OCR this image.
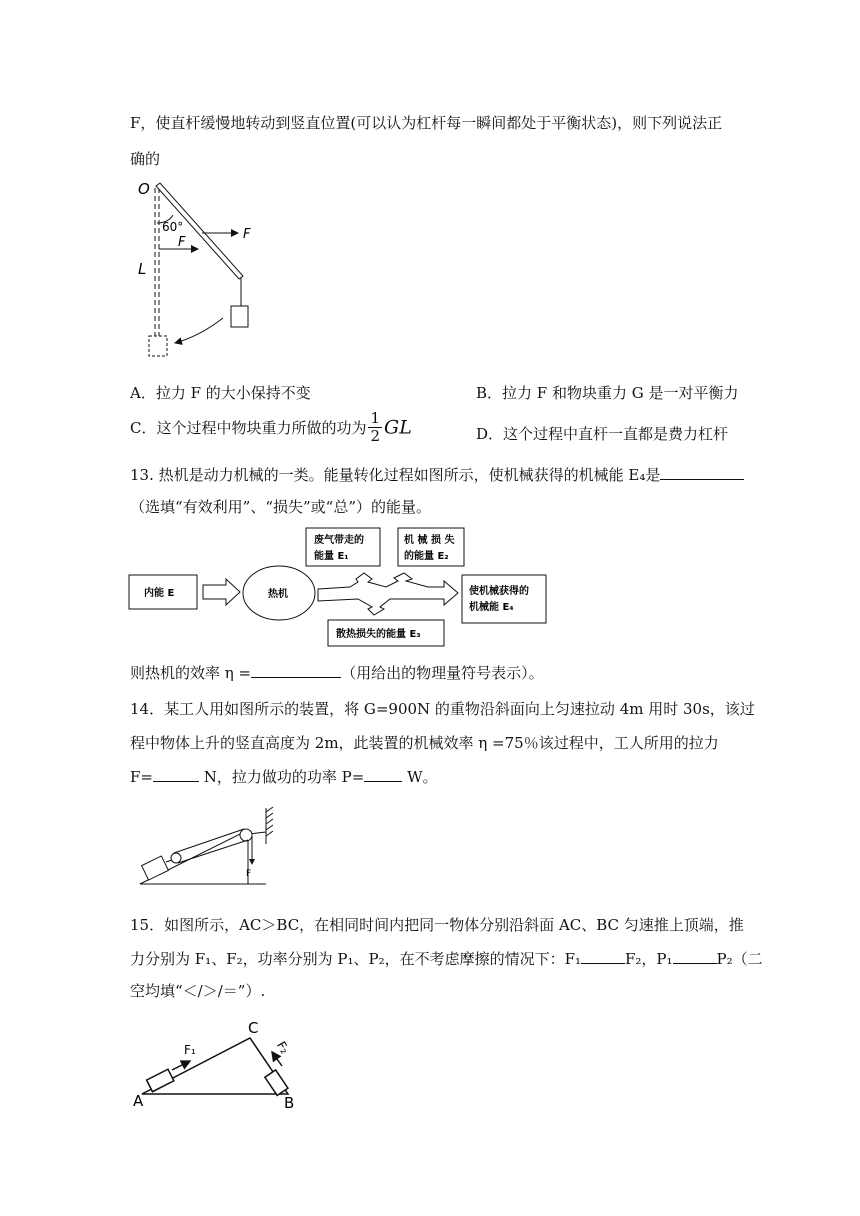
F，使直杆缓慢地转动到竖直位置(可以认为杠杆每一瞬间都处于平衡状态)，则下列说法正
确的
O
60°	F
F
L
A．拉力 F 的大小保持不变	B．拉力 F 和物块重力 G 是一对平衡力
C．这个过程中物块重力所做的功为 $\frac{1}{2}$ GL	D．这个过程中直杆一直都是费力杠杆
13. 热机是动力机械的一类。能量转化过程如图所示，使机械获得的机械能 E₄是
（选填“有效利用”、“损失”或“总”）的能量。
内能 E	热机
废气带走的
能量 E₁
机 械 损 失
的能量 E₂
使机械获得的
机械能 E₄
散热损失的能量 E₃
则热机的效率 η =	（用给出的物理量符号表示）。
14．某工人用如图所示的装置，将 G=900N 的重物沿斜面向上匀速拉动 4m 用时 30s，该过
程中物体上升的竖直高度为 2m，此装置的机械效率 η =75％该过程中，工人所用的拉力
F=	N，拉力做功的功率 P=	W。
F
15．如图所示，AC＞BC，在相同时间内把同一物体分别沿斜面 AC、BC 匀速推上顶端，推
力分别为 F₁、F₂，功率分别为 P₁、P₂，在不考虑摩擦的情况下：F₁	F₂，P₁	P₂（二
空均填“＜/＞/＝”）.
A	B
C
F₁	F₂
